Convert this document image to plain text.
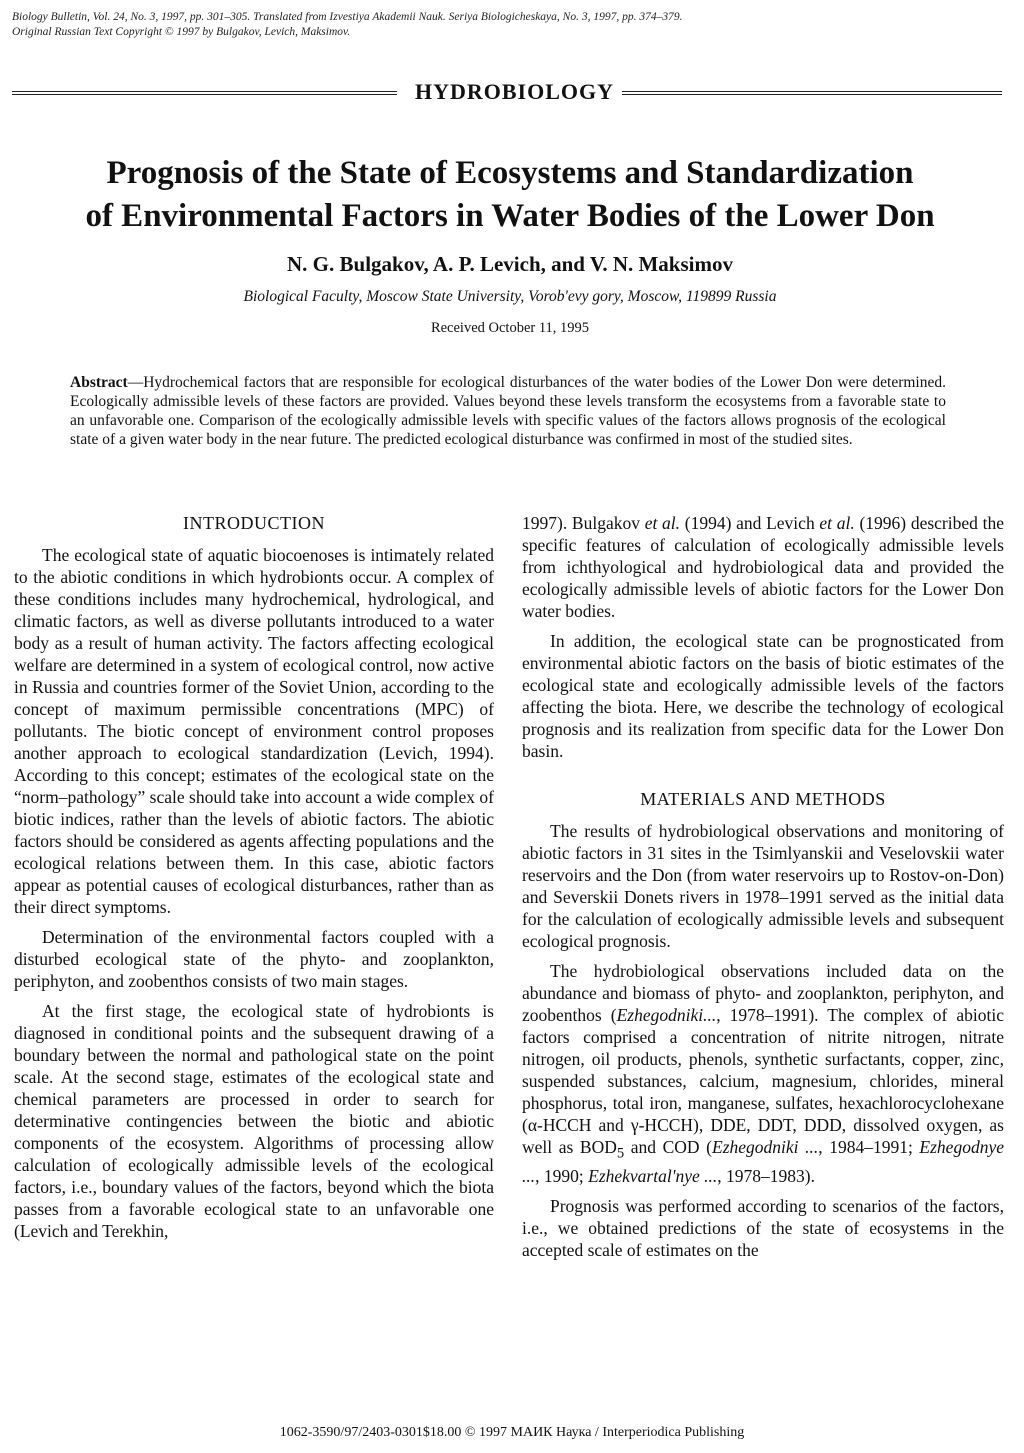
Biology Bulletin, Vol. 24, No. 3, 1997, pp. 301–305. Translated from Izvestiya Akademii Nauk. Seriya Biologicheskaya, No. 3, 1997, pp. 374–379.
Original Russian Text Copyright © 1997 by Bulgakov, Levich, Maksimov.
HYDROBIOLOGY
Prognosis of the State of Ecosystems and Standardization
of Environmental Factors in Water Bodies of the Lower Don
N. G. Bulgakov, A. P. Levich, and V. N. Maksimov
Biological Faculty, Moscow State University, Vorob'evy gory, Moscow, 119899 Russia
Received October 11, 1995
Abstract—Hydrochemical factors that are responsible for ecological disturbances of the water bodies of the Lower Don were determined. Ecologically admissible levels of these factors are provided. Values beyond these levels transform the ecosystems from a favorable state to an unfavorable one. Comparison of the ecologically admissible levels with specific values of the factors allows prognosis of the ecological state of a given water body in the near future. The predicted ecological disturbance was confirmed in most of the studied sites.
INTRODUCTION

The ecological state of aquatic biocoenoses is intimately related to the abiotic conditions in which hydrobionts occur. A complex of these conditions includes many hydrochemical, hydrological, and climatic factors, as well as diverse pollutants introduced to a water body as a result of human activity. The factors affecting ecological welfare are determined in a system of ecological control, now active in Russia and countries former of the Soviet Union, according to the concept of maximum permissible concentrations (MPC) of pollutants. The biotic concept of environment control proposes another approach to ecological standardization (Levich, 1994). According to this concept; estimates of the ecological state on the “norm–pathology” scale should take into account a wide complex of biotic indices, rather than the levels of abiotic factors. The abiotic factors should be considered as agents affecting populations and the ecological relations between them. In this case, abiotic factors appear as potential causes of ecological disturbances, rather than as their direct symptoms.

Determination of the environmental factors coupled with a disturbed ecological state of the phyto- and zooplankton, periphyton, and zoobenthos consists of two main stages.

At the first stage, the ecological state of hydrobionts is diagnosed in conditional points and the subsequent drawing of a boundary between the normal and pathological state on the point scale. At the second stage, estimates of the ecological state and chemical parameters are processed in order to search for determinative contingencies between the biotic and abiotic components of the ecosystem. Algorithms of processing allow calculation of ecologically admissible levels of the ecological factors, i.e., boundary values of the factors, beyond which the biota passes from a favorable ecological state to an unfavorable one (Levich and Terekhin,

1997). Bulgakov et al. (1994) and Levich et al. (1996) described the specific features of calculation of ecologically admissible levels from ichthyological and hydrobiological data and provided the ecologically admissible levels of abiotic factors for the Lower Don water bodies.

In addition, the ecological state can be prognosticated from environmental abiotic factors on the basis of biotic estimates of the ecological state and ecologically admissible levels of the factors affecting the biota. Here, we describe the technology of ecological prognosis and its realization from specific data for the Lower Don basin.

MATERIALS AND METHODS

The results of hydrobiological observations and monitoring of abiotic factors in 31 sites in the Tsimlyanskii and Veselovskii water reservoirs and the Don (from water reservoirs up to Rostov-on-Don) and Severskii Donets rivers in 1978–1991 served as the initial data for the calculation of ecologically admissible levels and subsequent ecological prognosis.

The hydrobiological observations included data on the abundance and biomass of phyto- and zooplankton, periphyton, and zoobenthos (Ezhegodniki..., 1978–1991). The complex of abiotic factors comprised a concentration of nitrite nitrogen, nitrate nitrogen, oil products, phenols, synthetic surfactants, copper, zinc, suspended substances, calcium, magnesium, chlorides, mineral phosphorus, total iron, manganese, sulfates, hexachlorocyclohexane (α-HCCH and γ-HCCH), DDE, DDT, DDD, dissolved oxygen, as well as $BOD_5$ and COD (Ezhegodniki ..., 1984–1991; Ezhegodnye ..., 1990; Ezhekvartal'nye ..., 1978–1983).

Prognosis was performed according to scenarios of the factors, i.e., we obtained predictions of the state of ecosystems in the accepted scale of estimates on the

1062-3590/97/2403-0301$18.00 © 1997 МАИК Наука / Interperiodica Publishing
